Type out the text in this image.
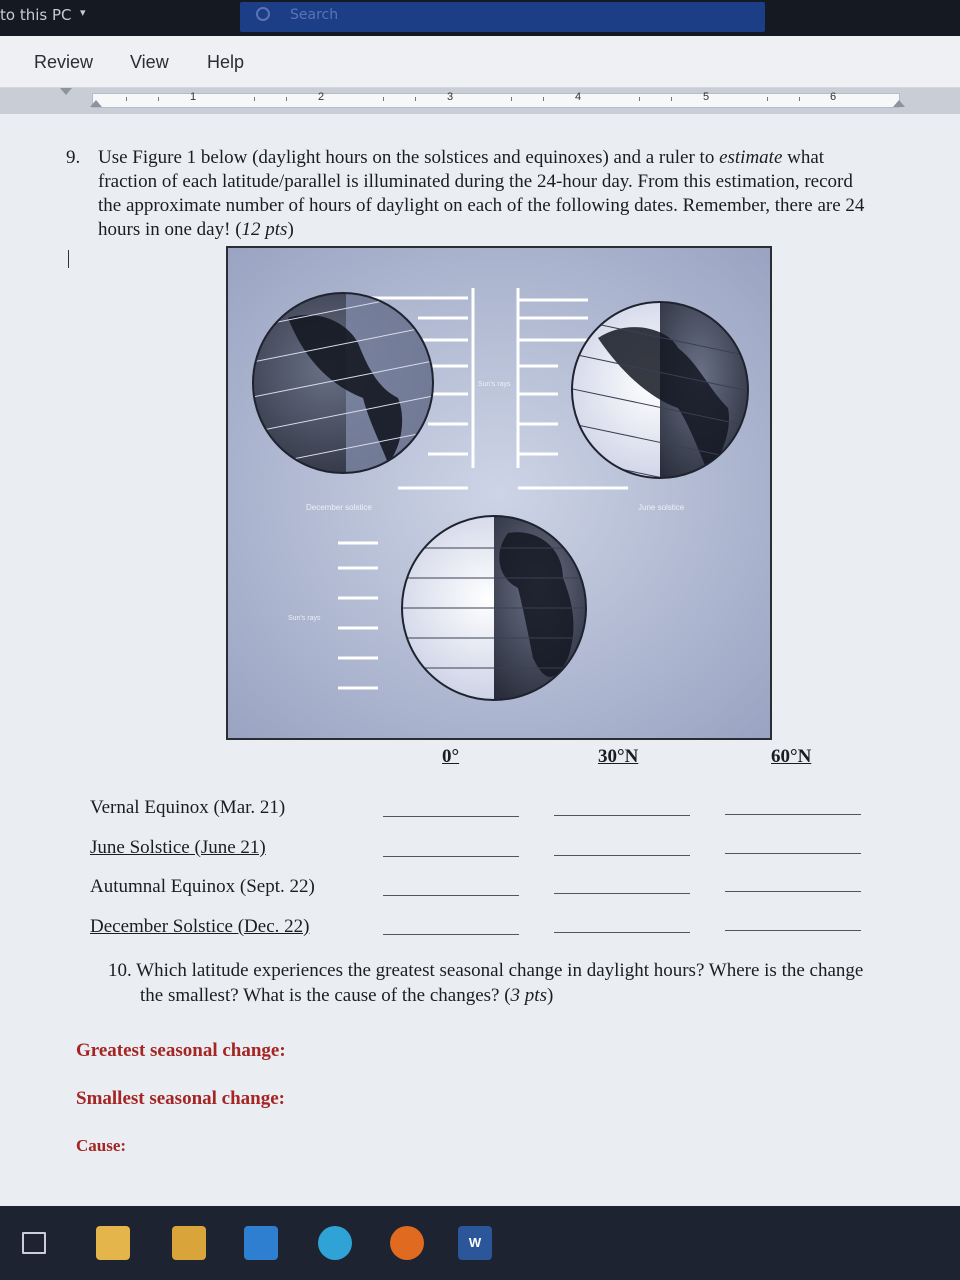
to this PC ▾	Search
Review View Help
1	2	3	4	5	6
9. Use Figure 1 below (daylight hours on the solstices and equinoxes) and a ruler to estimate what fraction of each latitude/parallel is illuminated during the 24-hour day. From this estimation, record the approximate number of hours of daylight on each of the following dates. Remember, there are 24 hours in one day! (12 pts)
December solstice	June solstice
Sun's rays
Sun's rays
0°	30°N	60°N
Vernal Equinox (Mar. 21)
June Solstice (June 21)
Autumnal Equinox (Sept. 22)
December Solstice (Dec. 22)
10. Which latitude experiences the greatest seasonal change in daylight hours? Where is the change the smallest? What is the cause of the changes? (3 pts)
Greatest seasonal change:
Smallest seasonal change:
Cause:
W
